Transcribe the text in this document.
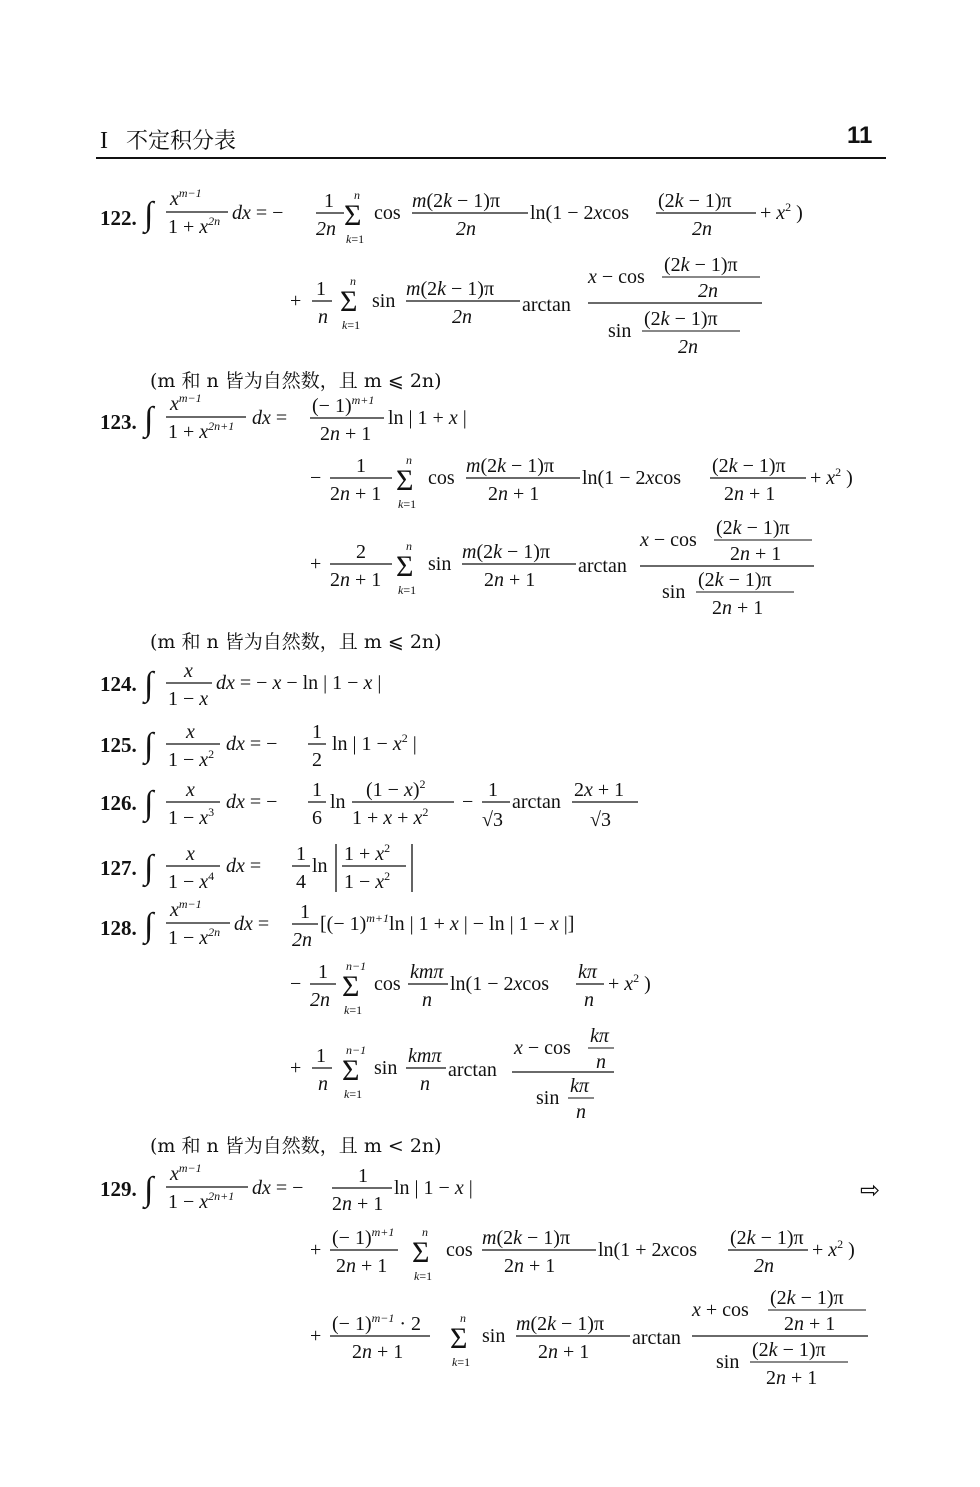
I 不定积分表	11
122.
123.
124.
125.
126.
127.
128.
129.
(m 和 n 皆为自然数，且 m ⩽ 2n)
(m 和 n 皆为自然数，且 m ⩽ 2n)
(m 和 n 皆为自然数，且 m < 2n)
∫ $x^{m-1}$
$1 + x^{2n}$ dx = −
1
2n Σ
n
k=1
cos
m(2k − 1)π
2n
ln(1 − 2xcos
(2k − 1)π
2n
+ $x^2$ )
+
1
n Σ
n
k=1
sin
m(2k − 1)π
2n
arctan
x − cos
(2k − 1)π
2n
sin
(2k − 1)π
2n
∫ $x^{m-1}$
$1 + x^{2n+1}$ dx =
(− 1)$^{m+1}$
2n + 1
ln | 1 + x |
−
1
2n + 1 Σ
n
k=1
cos
m(2k − 1)π
2n + 1
ln(1 − 2xcos
(2k − 1)π
2n + 1
+ $x^2$ )
+
2
2n + 1 Σ
n
k=1
sin
m(2k − 1)π
2n + 1
arctan
x − cos
(2k − 1)π
2n + 1
sin
(2k − 1)π
2n + 1
∫ x
1 − x
dx = − x − ln | 1 − x |
∫ x
$1 - x^2$ dx = −
1
2
ln | $1 - x^2$ |
∫ x
$1 - x^3$ dx = −
1
6
ln
$(1 - x)^2$
$1 + x + x^2$ −
1
√3
arctan
2x + 1
√3
∫ x
$1 - x^4$ dx =
1
4
ln
$1 + x^2$
$1 - x^2$
∫ $x^{m-1}$
$1 - x^{2n}$ dx =
1
2n
[(− 1)$^{m+1}$ln | 1 + x | − ln | 1 − x |]
−
1
2n Σ
n−1
k=1
cos
kmπ
n
ln(1 − 2xcos
kπ
n
+ $x^2$ )
+
1
n Σ
n−1
k=1
sin
kmπ
n
arctan
x − cos
kπ
n
sin
kπ
n
∫ $x^{m-1}$
$1 - x^{2n+1}$ dx = −
1
2n + 1
ln | 1 − x |
+
(− 1)$^{m+1}$
2n + 1 Σ
n
k=1
cos
m(2k − 1)π
2n + 1
ln(1 + 2xcos
(2k − 1)π
2n
+ $x^2$ )
+
(− 1)$^{m-1}$ · 2
2n + 1 Σ
n
k=1
sin
m(2k − 1)π
2n + 1
arctan
x + cos
(2k − 1)π
2n + 1
sin
(2k − 1)π
2n + 1
⇨
